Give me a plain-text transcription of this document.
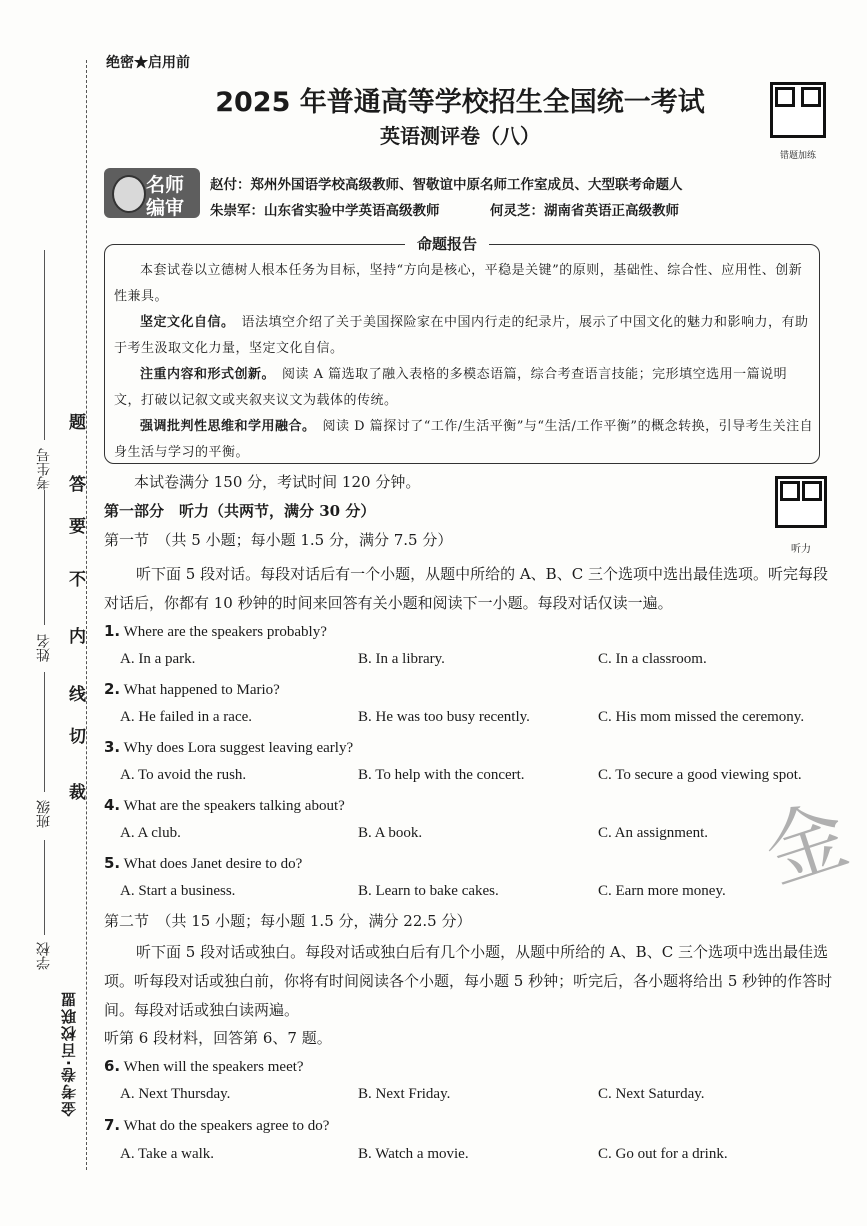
题
答
要
不
内
线
切
裁
考生号
姓名
班级
学校
金考卷·百校联盟
绝密★启用前
2025 年普通高等学校招生全国统一考试
英语测评卷（八）
错题加练
名师
编审
赵付：郑州外国语学校高级教师、智敬谊中原名师工作室成员、大型联考命题人
朱崇军：山东省实验中学英语高级教师	何灵芝：湖南省英语正高级教师
命题报告
本套试卷以立德树人根本任务为目标，坚持“方向是核心，平稳是关键”的原则，基础性、综合性、应用性、创新性兼具。
坚定文化自信。　 语法填空介绍了关于美国探险家在中国内行走的纪录片，展示了中国文化的魅力和影响力，有助于考生汲取文化力量，坚定文化自信。
注重内容和形式创新。　 阅读 A 篇选取了融入表格的多模态语篇，综合考查语言技能；完形填空选用一篇说明文，打破以记叙文或夹叙夹议文为载体的传统。
强调批判性思维和学用融合。　 阅读 D 篇探讨了“工作/生活平衡”与“生活/工作平衡”的概念转换，引导考生关注自身生活与学习的平衡。
本试卷满分 150 分，考试时间 120 分钟。
第一部分　听力（共两节，满分 30 分）
第一节　（共 5 小题；每小题 1.5 分，满分 7.5 分）
听力
听下面 5 段对话。每段对话后有一个小题，从题中所给的 A、B、C 三个选项中选出最佳选项。听完每段对话后，你都有 10 秒钟的时间来回答有关小题和阅读下一小题。每段对话仅读一遍。
1. Where are the speakers probably?
A. In a park.	B. In a library.	C. In a classroom.
2. What happened to Mario?
A. He failed in a race.	B. He was too busy recently.	C. His mom missed the ceremony.
3. Why does Lora suggest leaving early?
A. To avoid the rush.	B. To help with the concert.	C. To secure a good viewing spot.
4. What are the speakers talking about?
A. A club.	B. A book.	C. An assignment.
5. What does Janet desire to do?
A. Start a business.	B. Learn to bake cakes.	C. Earn more money. 金
第二节　（共 15 小题；每小题 1.5 分，满分 22.5 分）
听下面 5 段对话或独白。每段对话或独白后有几个小题，从题中所给的 A、B、C 三个选项中选出最佳选项。听每段对话或独白前，你将有时间阅读各个小题，每小题 5 秒钟；听完后，各小题将给出 5 秒钟的作答时间。每段对话或独白读两遍。
听第 6 段材料，回答第 6、7 题。
6. When will the speakers meet?
A. Next Thursday.	B. Next Friday.	C. Next Saturday.
7. What do the speakers agree to do?
A. Take a walk.	B. Watch a movie.	C. Go out for a drink.
